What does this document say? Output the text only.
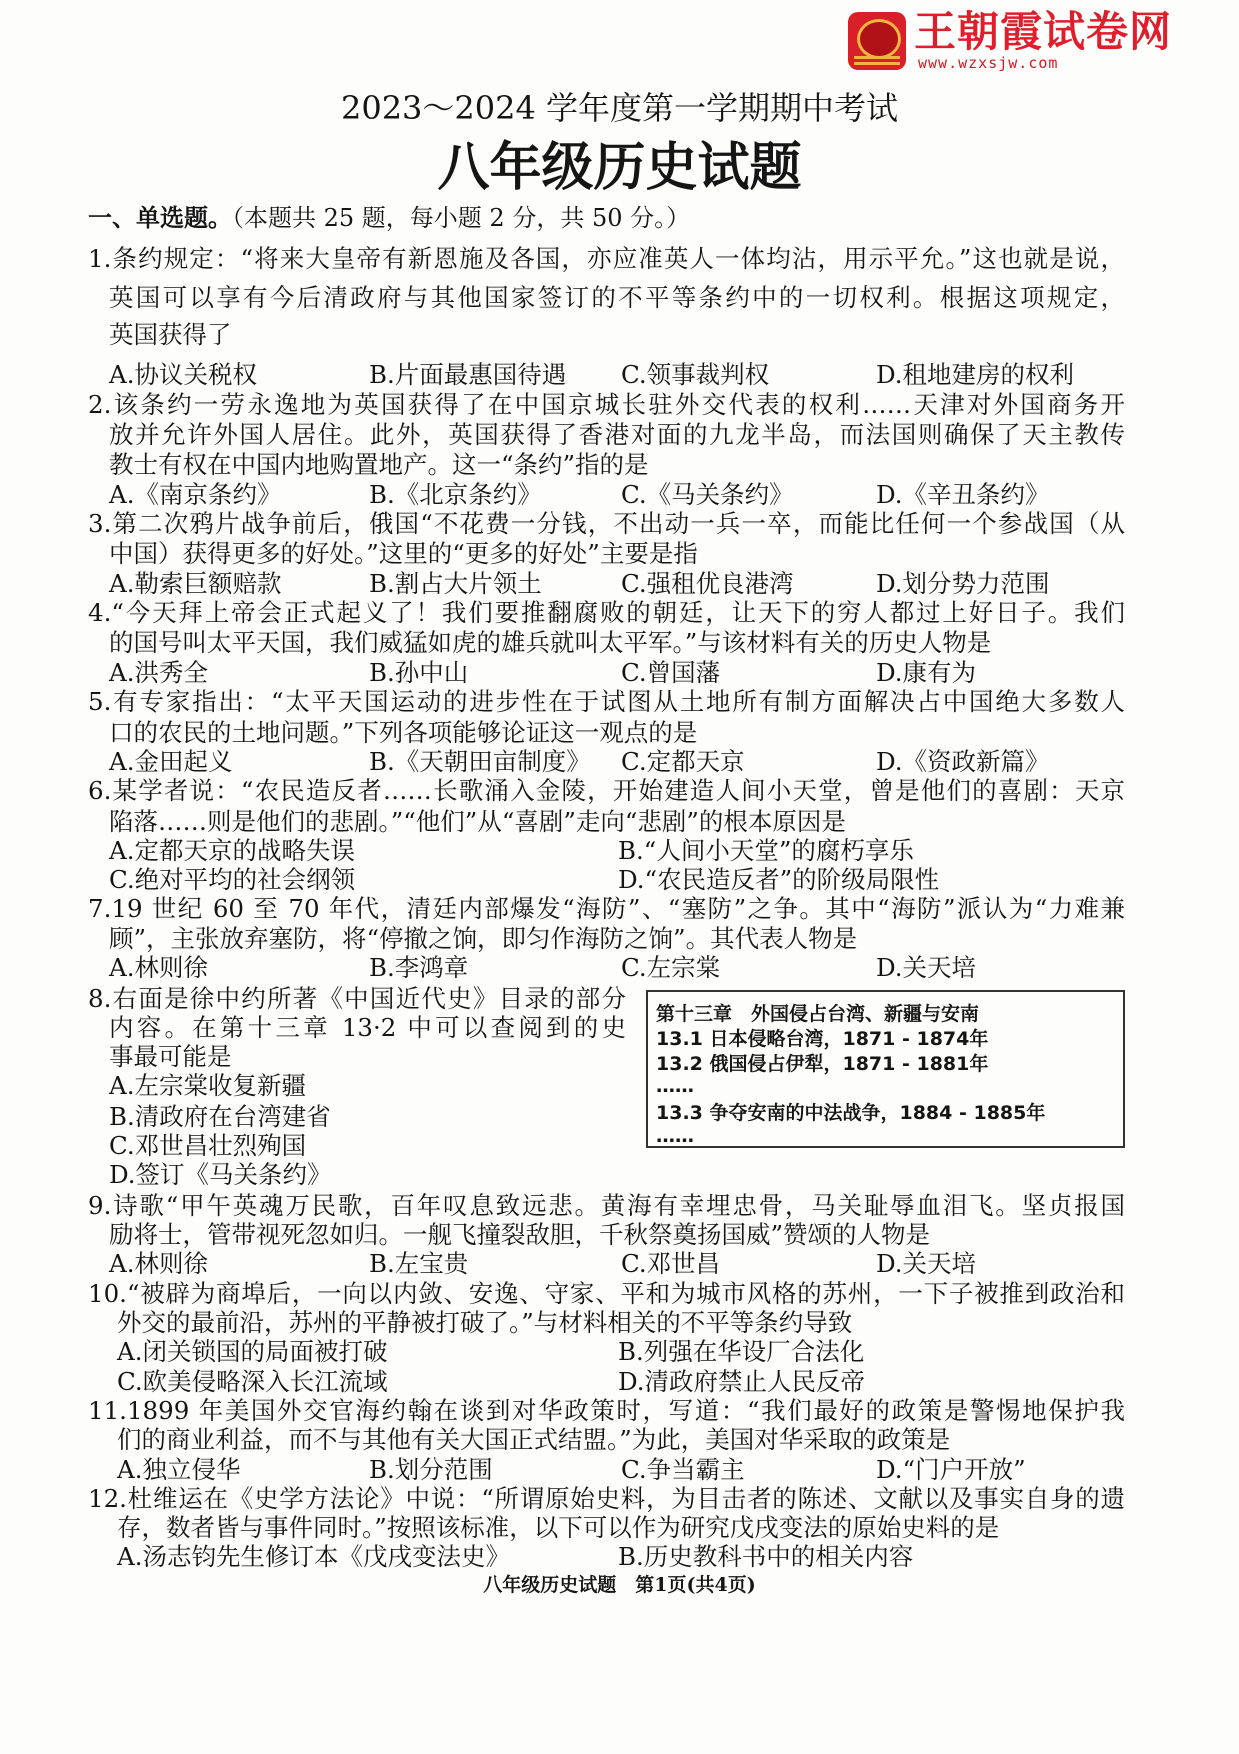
王朝霞试卷网
www.wzxsjw.com
2023～2024 学年度第一学期期中考试
八年级历史试题
一、单选题。（本题共 25 题，每小题 2 分，共 50 分。）
1.条约规定：“将来大皇帝有新恩施及各国，亦应准英人一体均沾，用示平允。”这也就是说，
英国可以享有今后清政府与其他国家签订的不平等条约中的一切权利。根据这项规定，
英国获得了
A.协议关税权	B.片面最惠国待遇 C.领事裁判权	D.租地建房的权利
2.该条约一劳永逸地为英国获得了在中国京城长驻外交代表的权利……天津对外国商务开
放并允许外国人居住。此外，英国获得了香港对面的九龙半岛，而法国则确保了天主教传
教士有权在中国内地购置地产。这一“条约”指的是
A.《南京条约》	B.《北京条约》	C.《马关条约》	D.《辛丑条约》
3.第二次鸦片战争前后，俄国“不花费一分钱，不出动一兵一卒，而能比任何一个参战国（从
中国）获得更多的好处。”这里的“更多的好处”主要是指
A.勒索巨额赔款	B.割占大片领土	C.强租优良港湾	D.划分势力范围
4.“今天拜上帝会正式起义了！我们要推翻腐败的朝廷，让天下的穷人都过上好日子。我们
的国号叫太平天国，我们威猛如虎的雄兵就叫太平军。”与该材料有关的历史人物是
A.洪秀全	B.孙中山	C.曾国藩	D.康有为
5.有专家指出：“太平天国运动的进步性在于试图从土地所有制方面解决占中国绝大多数人
口的农民的土地问题。”下列各项能够论证这一观点的是
A.金田起义	B.《天朝田亩制度》 C.定都天京	D.《资政新篇》
6.某学者说：“农民造反者……长歌涌入金陵，开始建造人间小天堂，曾是他们的喜剧：天京
陷落……则是他们的悲剧。”“他们”从“喜剧”走向“悲剧”的根本原因是
A.定都天京的战略失误	B.“人间小天堂”的腐朽享乐
C.绝对平均的社会纲领	D.“农民造反者”的阶级局限性
7.19 世纪 60 至 70 年代，清廷内部爆发“海防”、“塞防”之争。其中“海防”派认为“力难兼
顾”，主张放弃塞防，将“停撤之饷，即匀作海防之饷”。其代表人物是
A.林则徐	B.李鸿章	C.左宗棠	D.关天培
8.右面是徐中约所著《中国近代史》目录的部分
内容。在第十三章 13·2 中可以查阅到的史
事最可能是
A.左宗棠收复新疆
B.清政府在台湾建省
C.邓世昌壮烈殉国
D.签订《马关条约》
第十三章　外国侵占台湾、新疆与安南
13.1 日本侵略台湾，1871 - 1874年
13.2 俄国侵占伊犁，1871 - 1881年
……
13.3 争夺安南的中法战争，1884 - 1885年
……
9.诗歌“甲午英魂万民歌，百年叹息致远悲。黄海有幸埋忠骨，马关耻辱血泪飞。坚贞报国
励将士，管带视死忽如归。一舰飞撞裂敌胆，千秋祭奠扬国威”赞颂的人物是
A.林则徐	B.左宝贵	C.邓世昌	D.关天培
10.“被辟为商埠后，一向以内敛、安逸、守家、平和为城市风格的苏州，一下子被推到政治和
外交的最前沿，苏州的平静被打破了。”与材料相关的不平等条约导致
A.闭关锁国的局面被打破	B.列强在华设厂合法化
C.欧美侵略深入长江流域	D.清政府禁止人民反帝
11.1899 年美国外交官海约翰在谈到对华政策时，写道：“我们最好的政策是警惕地保护我
们的商业利益，而不与其他有关大国正式结盟。”为此，美国对华采取的政策是
A.独立侵华	B.划分范围	C.争当霸主	D.“门户开放”
12.杜维运在《史学方法论》中说：“所谓原始史料，为目击者的陈述、文献以及事实自身的遗
存，数者皆与事件同时。”按照该标准，以下可以作为研究戊戌变法的原始史料的是
A.汤志钧先生修订本《戊戌变法史》	B.历史教科书中的相关内容
八年级历史试题　第1页(共4页)
